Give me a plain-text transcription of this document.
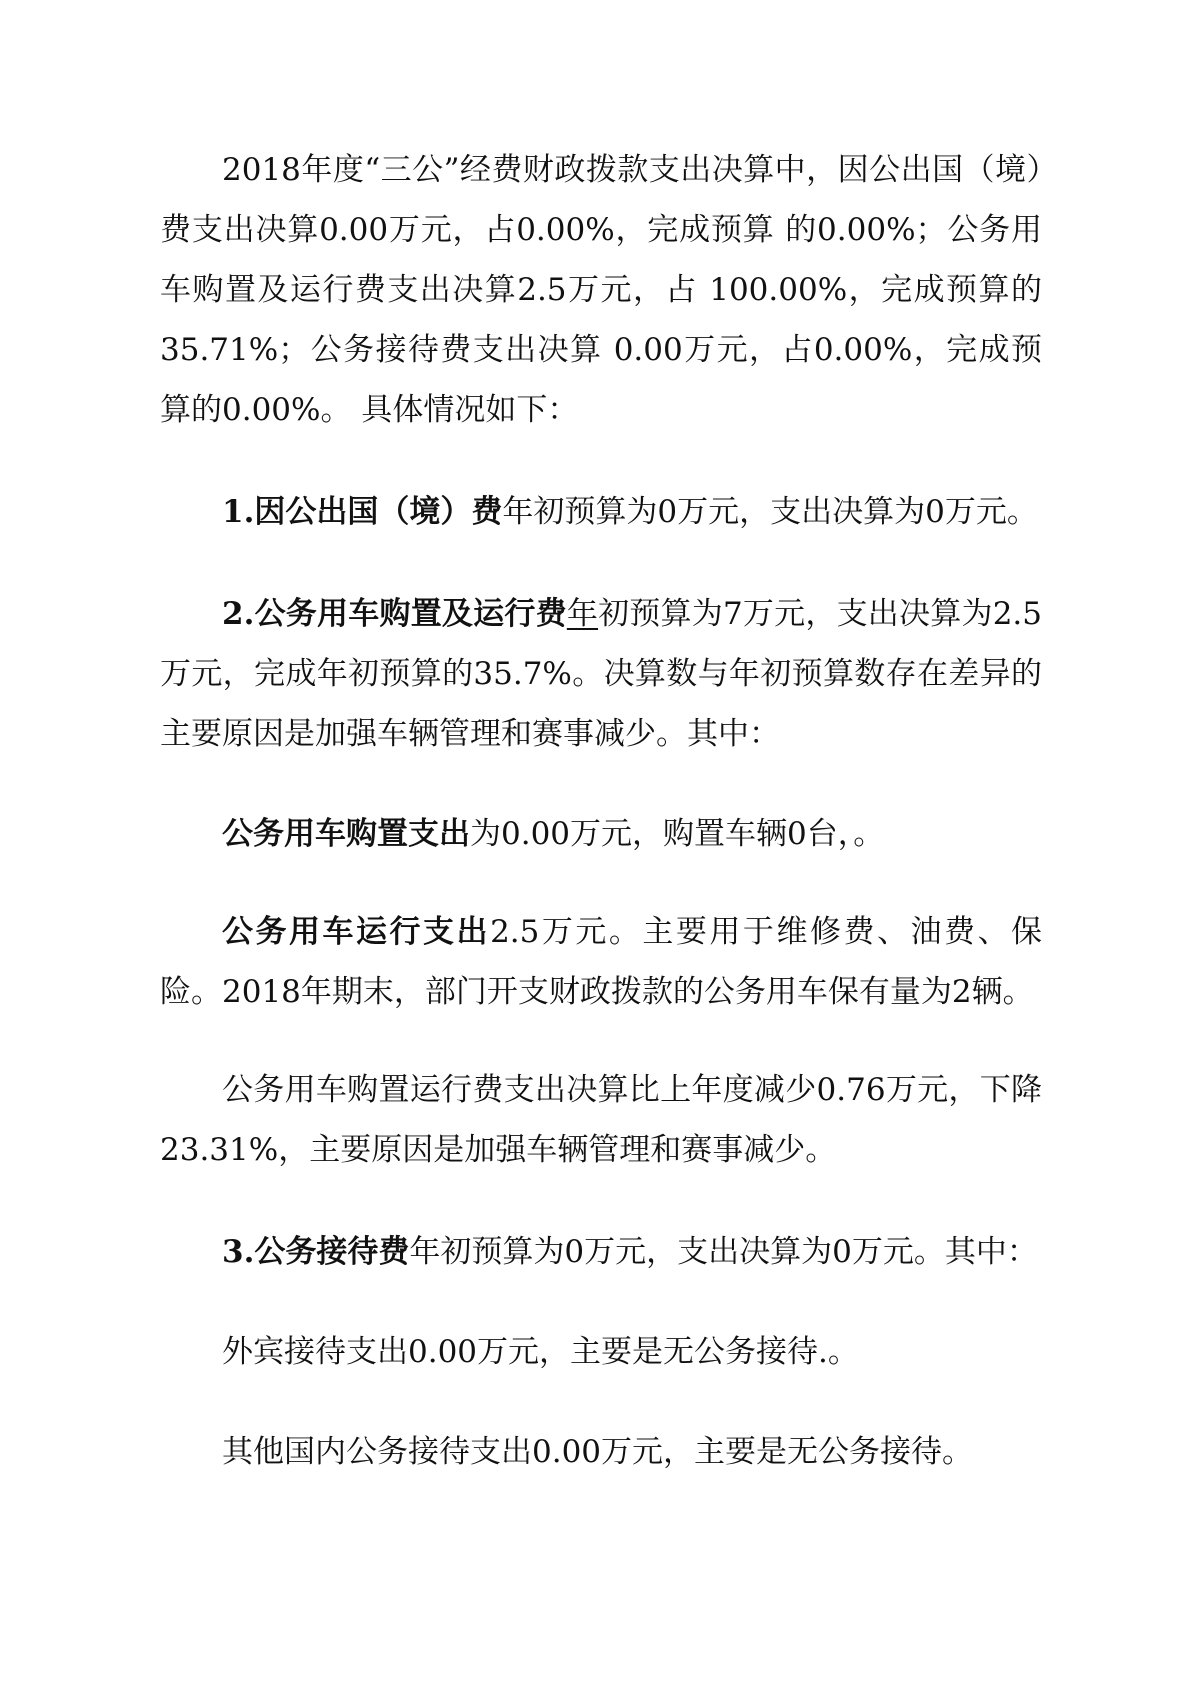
2018年度“三公”经费财政拨款支出决算中，因公出国（境）费支出决算0.00万元，占0.00%，完成预算 的0.00%；公务用车购置及运行费支出决算2.5万元，占 100.00%，完成预算的35.71%；公务接待费支出决算 0.00万元，占0.00%，完成预算的0.00%。 具体情况如下：

1.因公出国（境）费年初预算为0万元，支出决算为0万元。

2.公务用车购置及运行费年初预算为7万元，支出决算为2.5万元，完成年初预算的35.7%。决算数与年初预算数存在差异的主要原因是加强车辆管理和赛事减少。其中：

公务用车购置支出为0.00万元，购置车辆0台，。

公务用车运行支出2.5万元。主要用于维修费、油费、保险。2018年期末，部门开支财政拨款的公务用车保有量为2辆。

公务用车购置运行费支出决算比上年度减少0.76万元，下降23.31%，主要原因是加强车辆管理和赛事减少。

3.公务接待费年初预算为0万元，支出决算为0万元。其中：

外宾接待支出0.00万元，主要是无公务接待.。

其他国内公务接待支出0.00万元，主要是无公务接待。
